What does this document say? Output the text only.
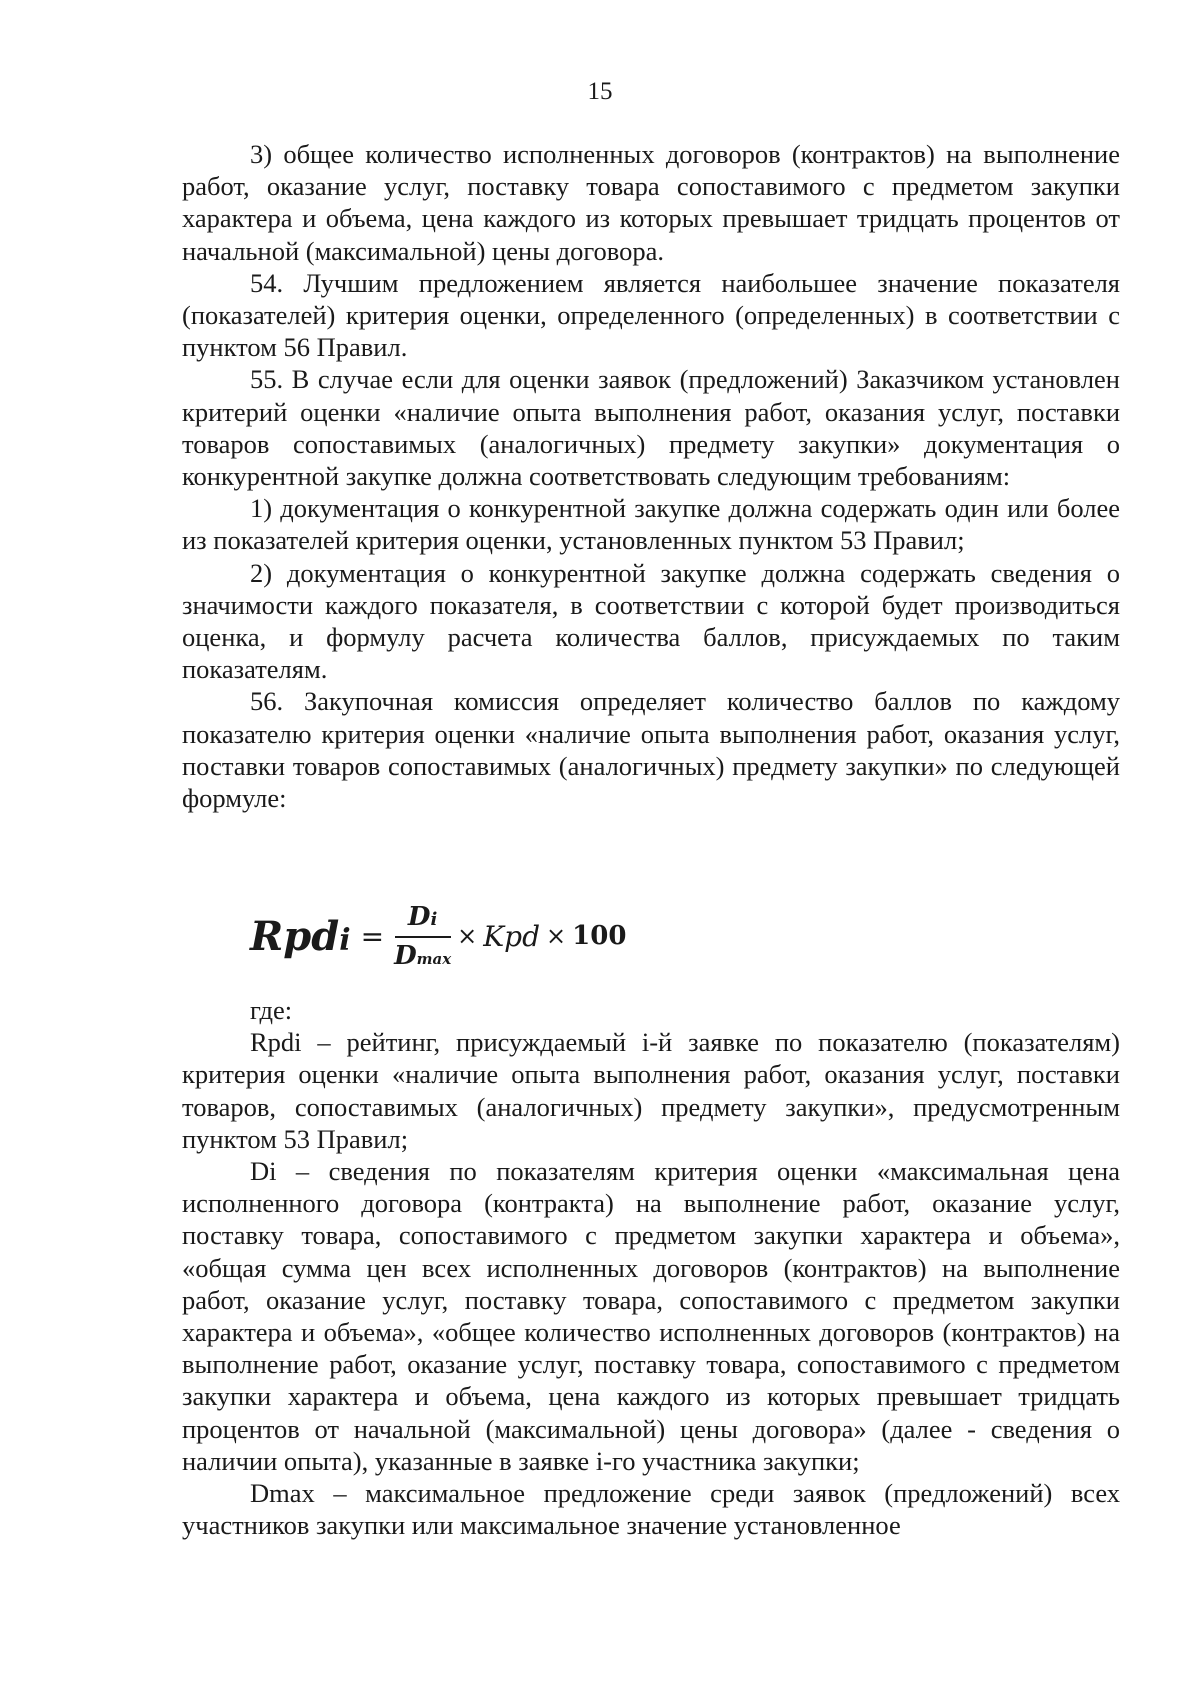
15

3) общее количество исполненных договоров (контрактов) на выполнение работ, оказание услуг, поставку товара сопоставимого с предметом закупки характера и объема, цена каждого из которых превышает тридцать процентов от начальной (максимальной) цены договора.

54. Лучшим предложением является наибольшее значение показателя (показателей) критерия оценки, определенного (определенных) в соответствии с пунктом 56 Правил.

55. В случае если для оценки заявок (предложений) Заказчиком установлен критерий оценки «наличие опыта выполнения работ, оказания услуг, поставки товаров сопоставимых (аналогичных) предмету закупки» документация о конкурентной закупке должна соответствовать следующим требованиям:

1) документация о конкурентной закупке должна содержать один или более из показателей критерия оценки, установленных пунктом 53 Правил;

2) документация о конкурентной закупке должна содержать сведения о значимости каждого показателя, в соответствии с которой будет производиться оценка, и формулу расчета количества баллов, присуждаемых по таким показателям.

56. Закупочная комиссия определяет количество баллов по каждому показателю критерия оценки «наличие опыта выполнения работ, оказания услуг, поставки товаров сопоставимых (аналогичных) предмету закупки» по следующей формуле:

Rpdi = $\frac{Di}{Dmax}$ × Kpd × 100

где:

Rpdi – рейтинг, присуждаемый i-й заявке по показателю (показателям) критерия оценки «наличие опыта выполнения работ, оказания услуг, поставки товаров, сопоставимых (аналогичных) предмету закупки», предусмотренным пунктом 53 Правил;

Di – сведения по показателям критерия оценки «максимальная цена исполненного договора (контракта) на выполнение работ, оказание услуг, поставку товара, сопоставимого с предметом закупки характера и объема», «общая сумма цен всех исполненных договоров (контрактов) на выполнение работ, оказание услуг, поставку товара, сопоставимого с предметом закупки характера и объема», «общее количество исполненных договоров (контрактов) на выполнение работ, оказание услуг, поставку товара, сопоставимого с предметом закупки характера и объема, цена каждого из которых превышает тридцать процентов от начальной (максимальной) цены договора» (далее - сведения о наличии опыта), указанные в заявке i-го участника закупки;

Dmax – максимальное предложение среди заявок (предложений) всех участников закупки или максимальное значение установленное
